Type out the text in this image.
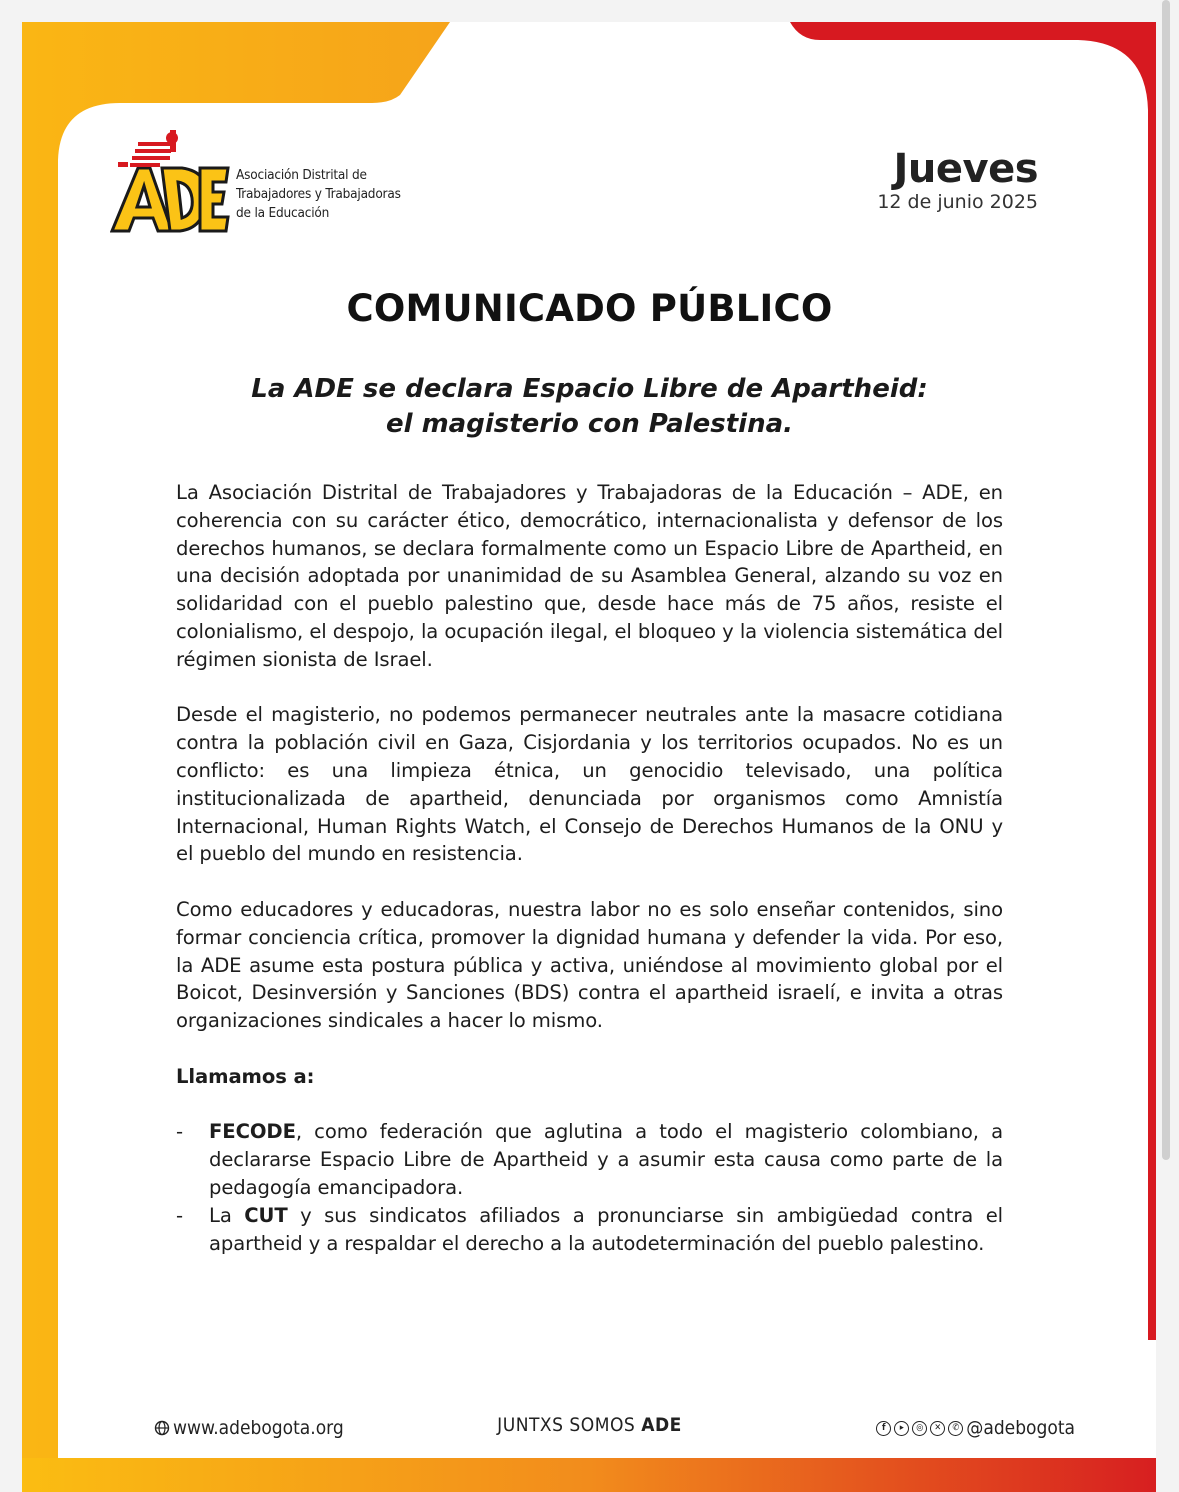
Asociación Distrital de
Trabajadores y Trabajadoras
de la Educación
Jueves
12 de junio 2025
COMUNICADO PÚBLICO
La ADE se declara Espacio Libre de Apartheid:
el magisterio con Palestina.

La Asociación Distrital de Trabajadores y Trabajadoras de la Educación – ADE, en coherencia con su carácter ético, democrático, internacionalista y defensor de los derechos humanos, se declara formalmente como un Espacio Libre de Apartheid, en una decisión adoptada por unanimidad de su Asamblea General, alzando su voz en solidaridad con el pueblo palestino que, desde hace más de 75 años, resiste el colonialismo, el despojo, la ocupación ilegal, el bloqueo y la violencia sistemática del régimen sionista de Israel.

Desde el magisterio, no podemos permanecer neutrales ante la masacre cotidiana contra la población civil en Gaza, Cisjordania y los territorios ocupados. No es un conflicto: es una limpieza étnica, un genocidio televisado, una política institucionalizada de apartheid, denunciada por organismos como Amnistía Internacional, Human Rights Watch, el Consejo de Derechos Humanos de la ONU y el pueblo del mundo en resistencia.

Como educadores y educadoras, nuestra labor no es solo enseñar contenidos, sino formar conciencia crítica, promover la dignidad humana y defender la vida. Por eso, la ADE asume esta postura pública y activa, uniéndose al movimiento global por el Boicot, Desinversión y Sanciones (BDS) contra el apartheid israelí, e invita a otras organizaciones sindicales a hacer lo mismo.

Llamamos a:

- FECODE, como federación que aglutina a todo el magisterio colombiano, a declararse Espacio Libre de Apartheid y a asumir esta causa como parte de la pedagogía emancipadora.
- La CUT y sus sindicatos afiliados a pronunciarse sin ambigüedad contra el apartheid y a respaldar el derecho a la autodeterminación del pueblo palestino.
www.adebogota.org	JUNTXS SOMOS ADE	f	▸	◎	✕	✆ @adebogota
